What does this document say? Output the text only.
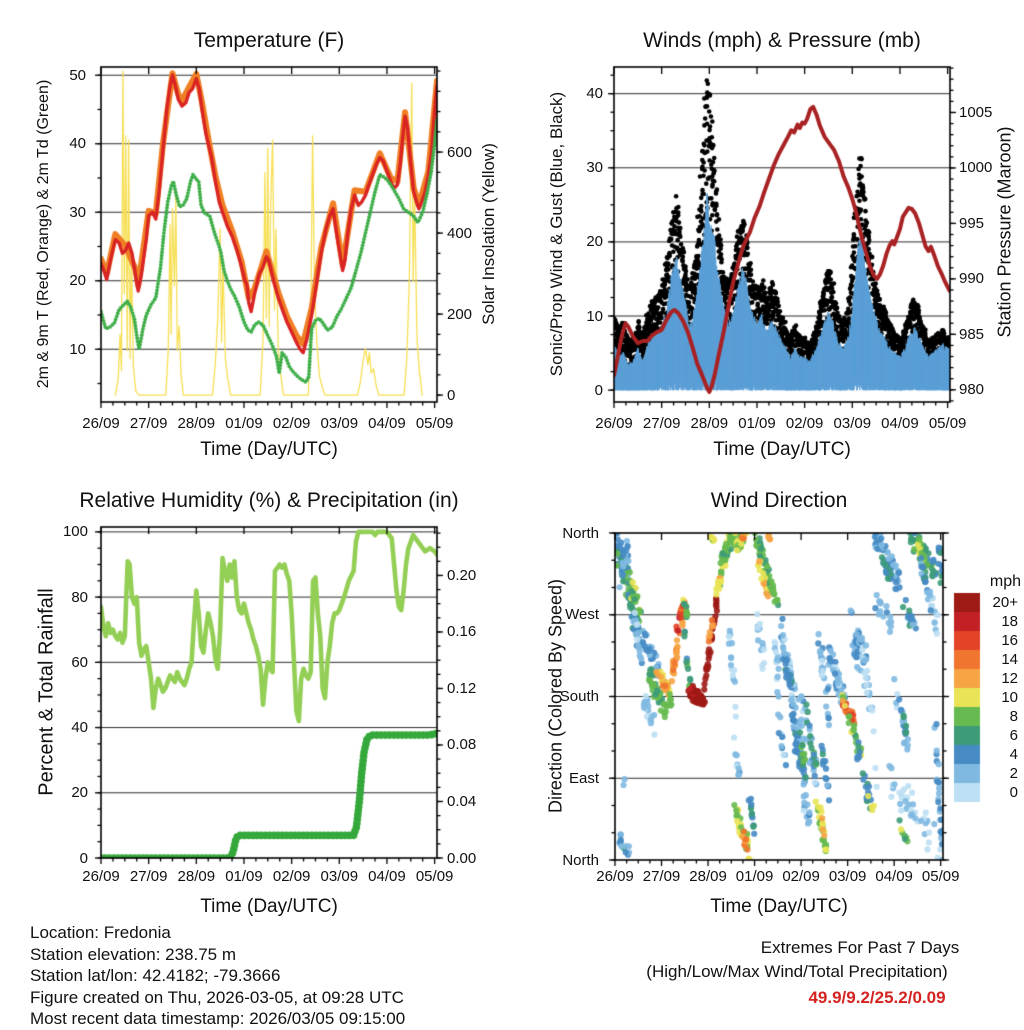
Temperature (F)	Winds (mph) & Pressure (mb)
Relative Humidity (%) & Precipitation (in)	Wind Direction
Time (Day/UTC)	Time (Day/UTC)
Time (Day/UTC)	Time (Day/UTC)
2m & 9m T (Red, Orange) & 2m Td (Green)	Solar Insolation (Yellow)	Sonic/Prop Wind & Gust (Blue, Black)	Station Pressure (Maroon)
Percent & Total Rainfall	Direction (Colored By Speed)	mph
26/09 27/09 28/09 01/09 02/09 03/09 04/09 05/09	26/09 27/09 28/09 01/09 02/09 03/09 04/09 05/09
26/09 27/09 28/09 01/09 02/09 03/09 04/09 05/09	26/09 27/09 28/09 01/09 02/09 03/09 04/09 05/09
10
20
30
40
50
0
200
400
600
0
10
20
30
40
980
985
990
995
1000
1005
0
20
40
60
80
100
0.00
0.04
0.08
0.12
0.16
0.20
North
West
South
East
North
20+
18
16
14
12
10
8
6
4
2
0
Location: Fredonia
Station elevation: 238.75 m
Station lat/lon: 42.4182; -79.3666
Figure created on Thu, 2026-03-05, at 09:28 UTC
Most recent data timestamp: 2026/03/05 09:15:00
Extremes For Past 7 Days
(High/Low/Max Wind/Total Precipitation)
49.9/9.2/25.2/0.09
